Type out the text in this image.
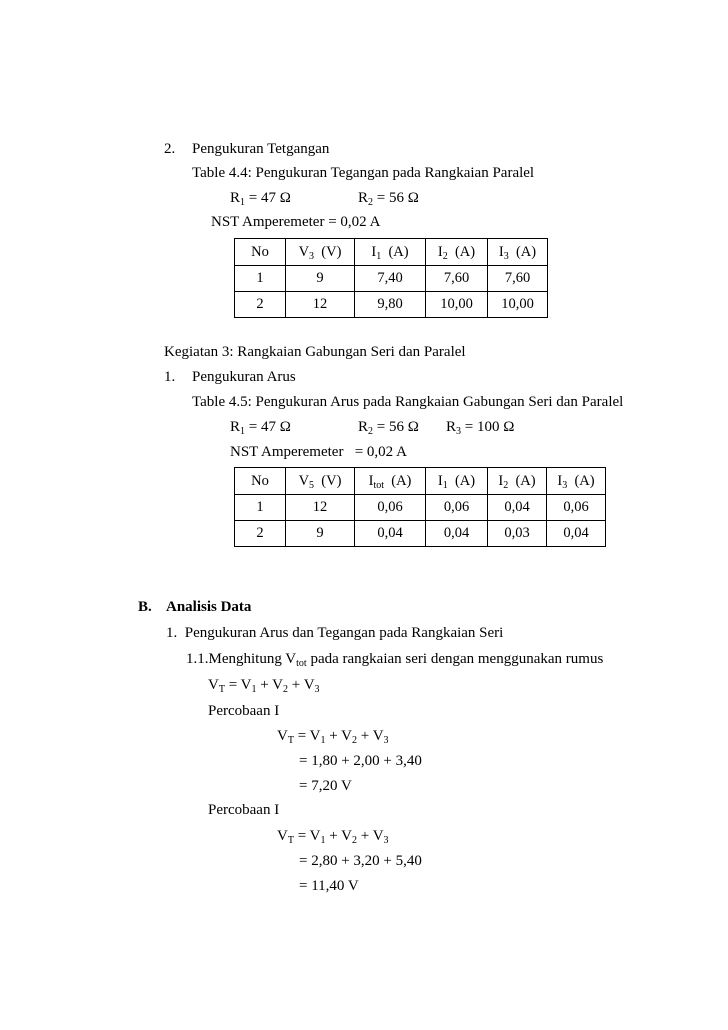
2. Pengukuran Tetgangan
Table 4.4: Pengukuran Tegangan pada Rangkaian Paralel
$R_1 = 47$ Ω	$R_2 = 56$ Ω
NST Amperemeter = 0,02 A
No	$V_3$  (V)	$I_1$  (A)	$I_2$  (A)	$I_3$  (A)
1	9	7,40	7,60	7,60
2	12	9,80	10,00	10,00
Kegiatan 3: Rangkaian Gabungan Seri dan Paralel
1. Pengukuran Arus
Table 4.5: Pengukuran Arus pada Rangkaian Gabungan Seri dan Paralel
$R_1 = 47$ Ω	$R_2 = 56$ Ω $R_3 = 100$ Ω
NST Amperemeter   = 0,02 A
No	$V_5$  (V)	$I_{tot}$  (A)	$I_1$  (A)	$I_2$  (A)	$I_3$  (A)
1	12	0,06	0,06	0,04	0,06
2	9	0,04	0,04	0,03	0,04
B. Analisis Data
1.  Pengukuran Arus dan Tegangan pada Rangkaian Seri
1.1.Menghitung $V_{tot}$ pada rangkaian seri dengan menggunakan rumus
$V_T = V_1 + V_2 + V_3$
Percobaan I
$V_T = V_1 + V_2 + V_3$
= 1,80 + 2,00 + 3,40
= 7,20 V
Percobaan I
$V_T = V_1 + V_2 + V_3$
= 2,80 + 3,20 + 5,40
= 11,40 V
